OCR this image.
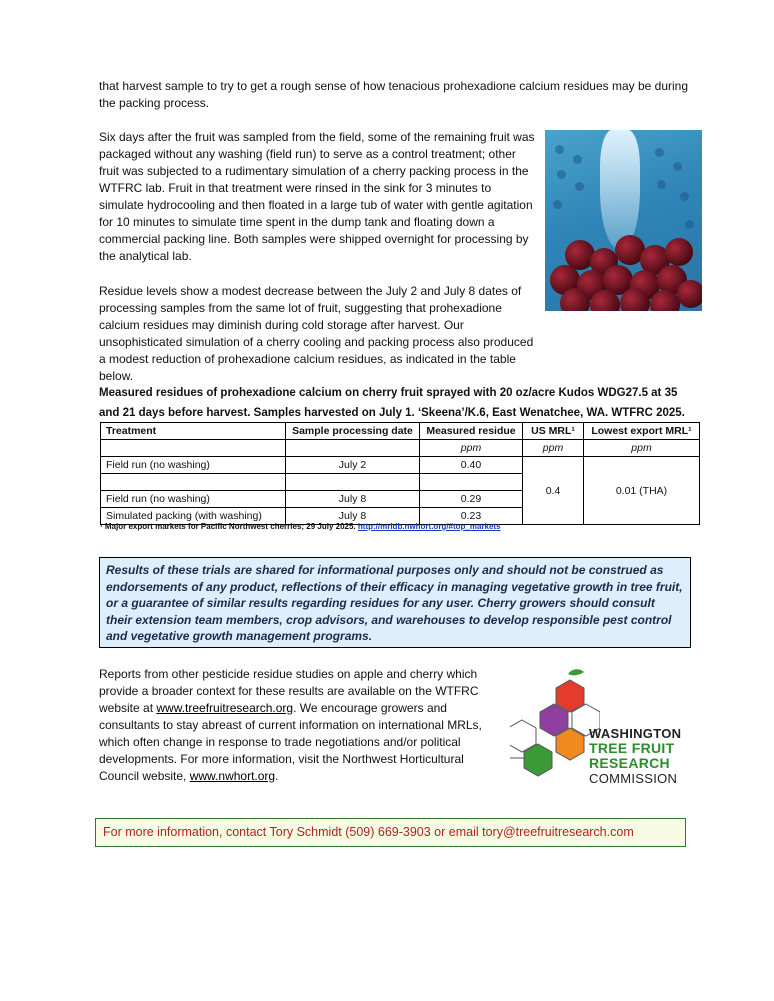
that harvest sample to try to get a rough sense of how tenacious prohexadione calcium residues may be during the packing process.

Six days after the fruit was sampled from the field, some of the remaining fruit was packaged without any washing (field run) to serve as a control treatment; other fruit was subjected to a rudimentary simulation of a cherry packing process in the WTFRC lab. Fruit in that treatment were rinsed in the sink for 3 minutes to simulate hydrocooling and then floated in a large tub of water with gentle agitation for 10 minutes to simulate time spent in the dump tank and floating down a commercial packing line. Both samples were shipped overnight for processing by the analytical lab.

Residue levels show a modest decrease between the July 2 and July 8 dates of processing samples from the same lot of fruit, suggesting that prohexadione calcium residues may diminish during cold storage after harvest. Our unsophisticated simulation of a cherry cooling and packing process also produced a modest reduction of prohexadione calcium residues, as indicated in the table below.

Measured residues of prohexadione calcium on cherry fruit sprayed with 20 oz/acre Kudos WDG27.5 at 35 and 21 days before harvest. Samples harvested on July 1. ‘Skeena’/K.6, East Wenatchee, WA. WTFRC 2025.

Treatment	Sample processing date	Measured residue	US MRL¹	Lowest export MRL¹
		ppm	ppm	ppm
Field run (no washing)	July 2	0.40	0.4	0.01 (THA)

Field run (no washing)	July 8	0.29		
Simulated packing (with washing)	July 8	0.23		

¹ Major export markets for Pacific Northwest cherries; 29 July 2025. http://mrldb.nwhort.org/#top_markets

Results of these trials are shared for informational purposes only and should not be construed as endorsements of any product, reflections of their efficacy in managing vegetative growth in tree fruit, or a guarantee of similar results regarding residues for any user. Cherry growers should consult their extension team members, crop advisors, and warehouses to develop responsible pest control and vegetative growth management programs.

Reports from other pesticide residue studies on apple and cherry which provide a broader context for these results are available on the WTFRC website at www.treefruitresearch.org. We encourage growers and consultants to stay abreast of current information on international MRLs, which often change in response to trade negotiations and/or political developments. For more information, visit the Northwest Horticultural Council website, www.nwhort.org.

WASHINGTON
TREE FRUIT
RESEARCH
COMMISSION
For more information, contact Tory Schmidt (509) 669-3903 or email tory@treefruitresearch.com
